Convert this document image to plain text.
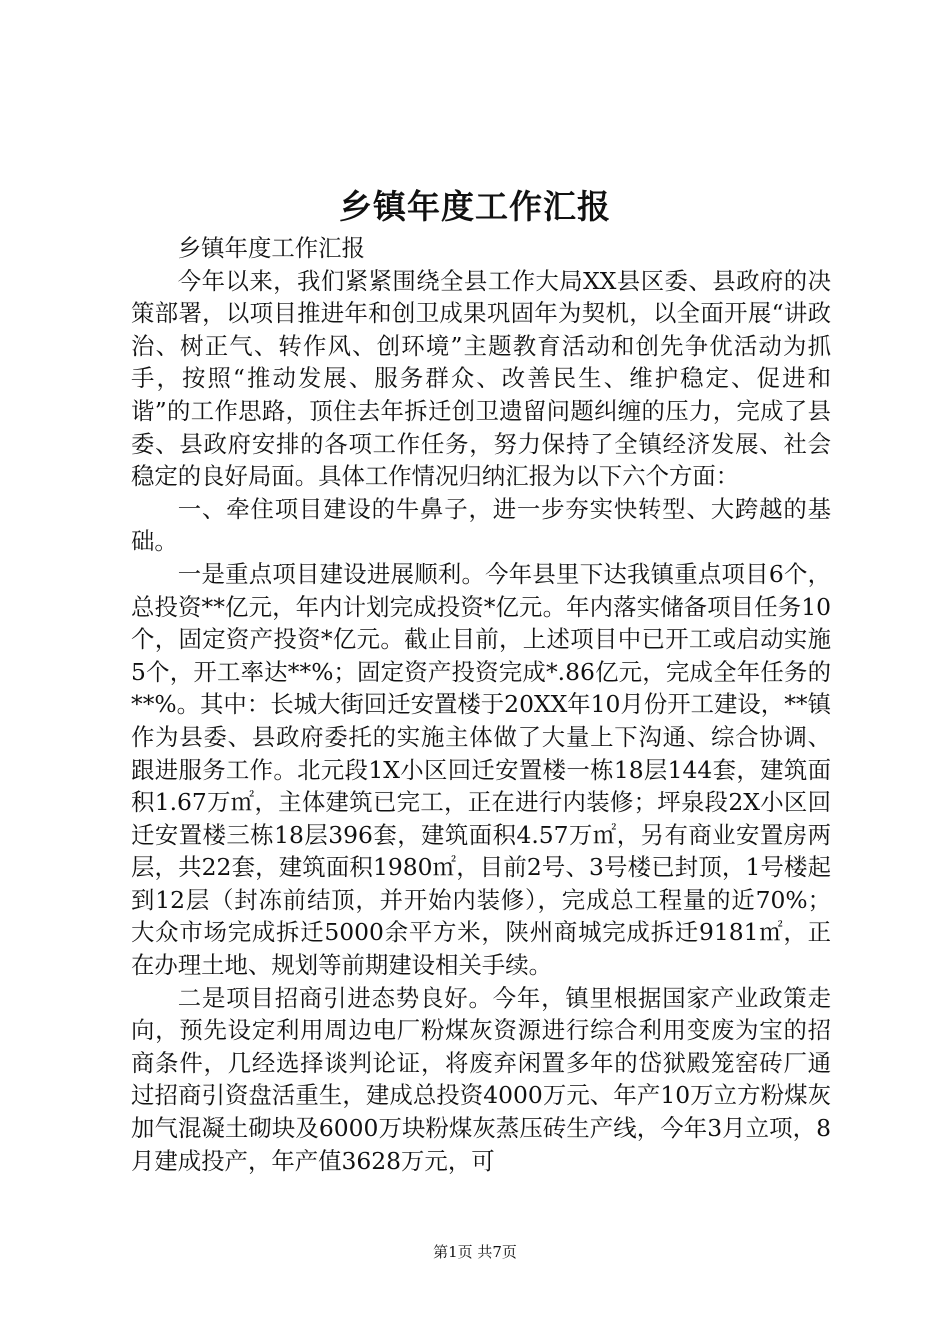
乡镇年度工作汇报

乡镇年度工作汇报

今年以来，我们紧紧围绕全县工作大局XX县区委、县政府的决策部署，以项目推进年和创卫成果巩固年为契机，以全面开展“讲政治、树正气、转作风、创环境”主题教育活动和创先争优活动为抓手，按照“推动发展、服务群众、改善民生、维护稳定、促进和谐”的工作思路，顶住去年拆迁创卫遗留问题纠缠的压力，完成了县委、县政府安排的各项工作任务，努力保持了全镇经济发展、社会稳定的良好局面。具体工作情况归纳汇报为以下六个方面：

一、牵住项目建设的牛鼻子，进一步夯实快转型、大跨越的基础。

一是重点项目建设进展顺利。今年县里下达我镇重点项目6个，总投资**亿元，年内计划完成投资*亿元。年内落实储备项目任务10个，固定资产投资*亿元。截止目前，上述项目中已开工或启动实施5个，开工率达**%；固定资产投资完成*.86亿元，完成全年任务的**%。其中：长城大街回迁安置楼于20XX年10月份开工建设，**镇作为县委、县政府委托的实施主体做了大量上下沟通、综合协调、跟进服务工作。北元段1X小区回迁安置楼一栋18层144套，建筑面积1.67万㎡，主体建筑已完工，正在进行内装修；坪泉段2X小区回迁安置楼三栋18层396套，建筑面积4.57万㎡，另有商业安置房两层，共22套，建筑面积1980㎡，目前2号、3号楼已封顶，1号楼起到12层（封冻前结顶，并开始内装修），完成总工程量的近70%；大众市场完成拆迁5000余平方米，陕州商城完成拆迁9181㎡，正在办理土地、规划等前期建设相关手续。

二是项目招商引进态势良好。今年，镇里根据国家产业政策走向，预先设定利用周边电厂粉煤灰资源进行综合利用变废为宝的招商条件，几经选择谈判论证，将废弃闲置多年的岱狱殿笼窑砖厂通过招商引资盘活重生，建成总投资4000万元、年产10万立方粉煤灰加气混凝土砌块及6000万块粉煤灰蒸压砖生产线，今年3月立项，8月建成投产，年产值3628万元，可

第1页 共7页
